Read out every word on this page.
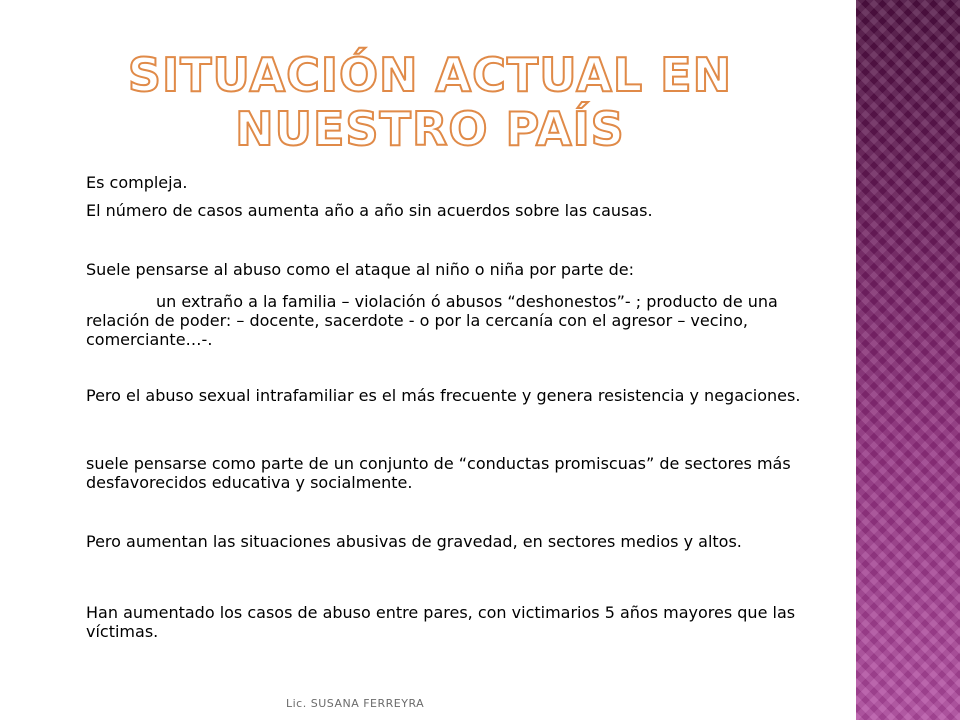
SITUACIÓN ACTUAL EN NUESTRO PAÍS

Es compleja.

El número de casos aumenta año a año sin acuerdos sobre las causas.

Suele pensarse al abuso como el ataque al niño o niña por parte de:

un extraño a la familia – violación ó abusos “deshonestos”- ; producto de una relación de poder: – docente, sacerdote - o por la cercanía con el agresor – vecino, comerciante…-.

Pero el abuso sexual intrafamiliar es el más frecuente y genera resistencia y negaciones.

suele pensarse como parte de un conjunto de “conductas promiscuas” de sectores más desfavorecidos educativa y socialmente.

Pero aumentan las situaciones abusivas de gravedad, en sectores medios y altos.

Han aumentado los casos de abuso entre pares, con victimarios 5 años mayores que las víctimas.

Lic. SUSANA FERREYRA
